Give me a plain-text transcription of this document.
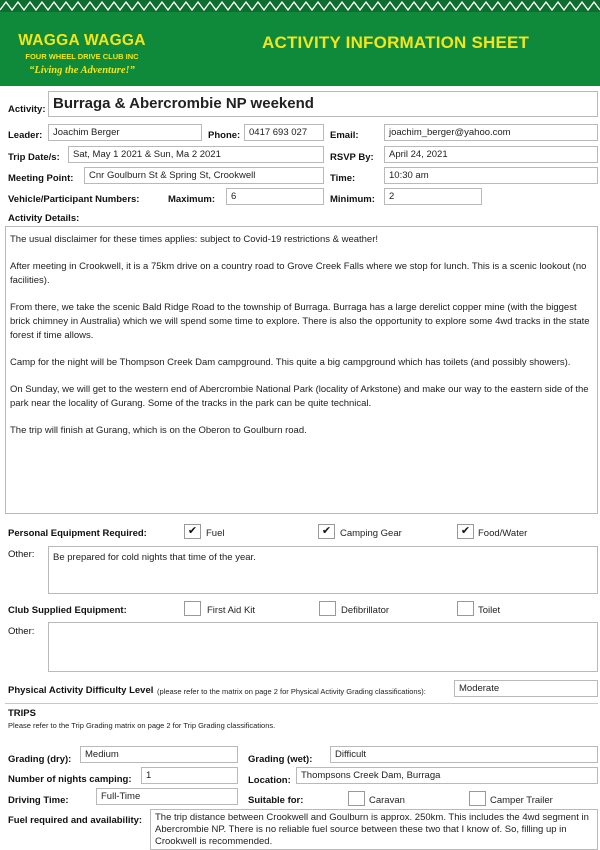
WAGGA WAGGA
FOUR WHEEL DRIVE CLUB INC
“Living the Adventure!”
ACTIVITY INFORMATION SHEET
Activity: Burraga & Abercrombie NP weekend
Leader:	Joachim Berger	Phone: 0417 693 027	Email:	joachim_berger@yahoo.com
Trip Date/s:	Sat, May 1 2021 & Sun, Ma 2 2021	RSVP By:	April 24, 2021
Meeting Point:	Cnr Goulburn St & Spring St, Crookwell	Time:	10:30 am
Vehicle/Participant Numbers:	Maximum:	6	Minimum:	2
Activity Details:

The usual disclaimer for these times applies: subject to Covid-19 restrictions & weather!

After meeting in Crookwell, it is a 75km drive on a country road to Grove Creek Falls where we stop for lunch. This is a scenic lookout (no facilities).

From there, we take the scenic Bald Ridge Road to the township of Burraga. Burraga has a large derelict copper mine (with the biggest brick chimney in Australia) which we will spend some time to explore. There is also the opportunity to explore some 4wd tracks in the state forest if time allows.

Camp for the night will be Thompson Creek Dam campground. This quite a big campground which has toilets (and possibly showers).

On Sunday, we will get to the western end of Abercrombie National Park (locality of Arkstone) and make our way to the eastern side of the park near the locality of Gurang. Some of the tracks in the park can be quite technical.

The trip will finish at Gurang, which is on the Oberon to Goulburn road.

Personal Equipment Required:	✔ Fuel	✔ Camping Gear	✔ Food/Water
Other:	Be prepared for cold nights that time of the year.
Club Supplied Equipment:	First Aid Kit	Defibrillator	Toilet
Other:
Physical Activity Difficulty Level (please refer to the matrix on page 2 for Physical Activity Grading classifications):	Moderate
TRIPS
Please refer to the Trip Grading matrix on page 2 for Trip Grading classifications.
Grading (dry):	Medium	Grading (wet):	Difficult
Number of nights camping:	1	Location:	Thompsons Creek Dam, Burraga
Driving Time:	Full-Time	Suitable for:	Caravan	Camper Trailer
Fuel required and availability:	The trip distance between Crookwell and Goulburn is approx. 250km. This includes the 4wd segment in Abercrombie NP. There is no reliable fuel source between these two that I know of. So, filling up in Crookwell is recommended.
